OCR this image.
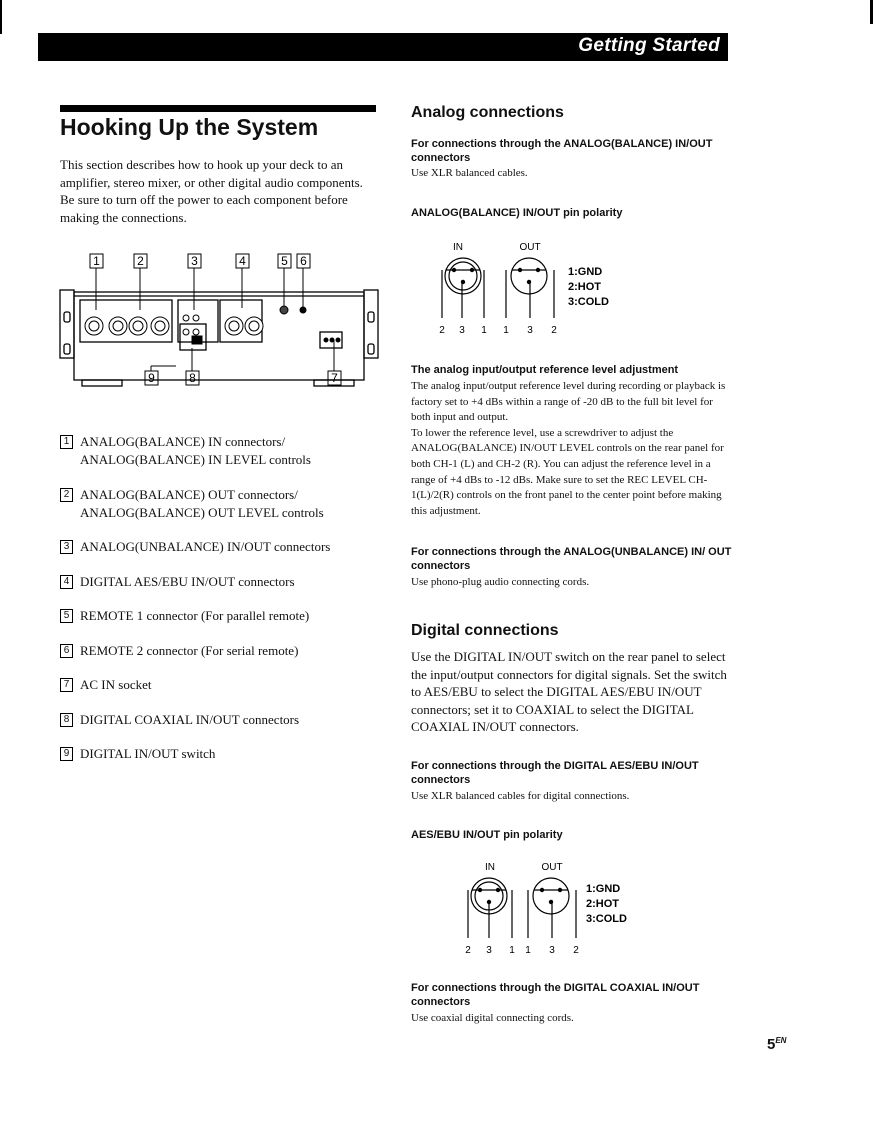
Getting Started
Hooking Up the System

This section describes how to hook up your deck to an amplifier, stereo mixer, or other digital audio components. Be sure to turn off the power to each component before making the connections.

1	2	3	4	5 6
9	8	7
1 ANALOG(BALANCE) IN connectors/
ANALOG(BALANCE) IN LEVEL controls
2 ANALOG(BALANCE) OUT connectors/
ANALOG(BALANCE) OUT LEVEL controls
3 ANALOG(UNBALANCE) IN/OUT connectors
4 DIGITAL AES/EBU IN/OUT connectors
5 REMOTE 1 connector (For parallel remote)
6 REMOTE 2 connector (For serial remote)
7 AC IN socket
8 DIGITAL COAXIAL IN/OUT connectors
9 DIGITAL IN/OUT switch
Analog connections
For connections through the ANALOG(BALANCE) IN/OUT connectors

Use XLR balanced cables.

ANALOG(BALANCE) IN/OUT pin polarity
IN	OUT
2 3 1 1 3 2
1:GND
2:HOT
3:COLD
The analog input/output reference level adjustment

The analog input/output reference level during recording or playback is factory set to +4 dBs within a range of -20 dB to the full bit level for both input and output.
To lower the reference level, use a screwdriver to adjust the ANALOG(BALANCE) IN/OUT LEVEL controls on the rear panel for both CH-1 (L) and CH-2 (R). You can adjust the reference level in a range of +4 dBs to -12 dBs. Make sure to set the REC LEVEL CH-1(L)/2(R) controls on the front panel to the center point before making this adjustment.

For connections through the ANALOG(UNBALANCE) IN/ OUT connectors

Use phono-plug audio connecting cords.

Digital connections

Use the DIGITAL IN/OUT switch on the rear panel to select the input/output connectors for digital signals. Set the switch to AES/EBU to select the DIGITAL AES/EBU IN/OUT connectors; set it to COAXIAL to select the DIGITAL COAXIAL IN/OUT connectors.

For connections through the DIGITAL AES/EBU IN/OUT connectors

Use XLR balanced cables for digital connections.

AES/EBU IN/OUT pin polarity
IN	OUT
2 3 1 1 3 2
1:GND
2:HOT
3:COLD
For connections through the DIGITAL COAXIAL IN/OUT connectors

Use coaxial digital connecting cords.

$5^{EN}$
